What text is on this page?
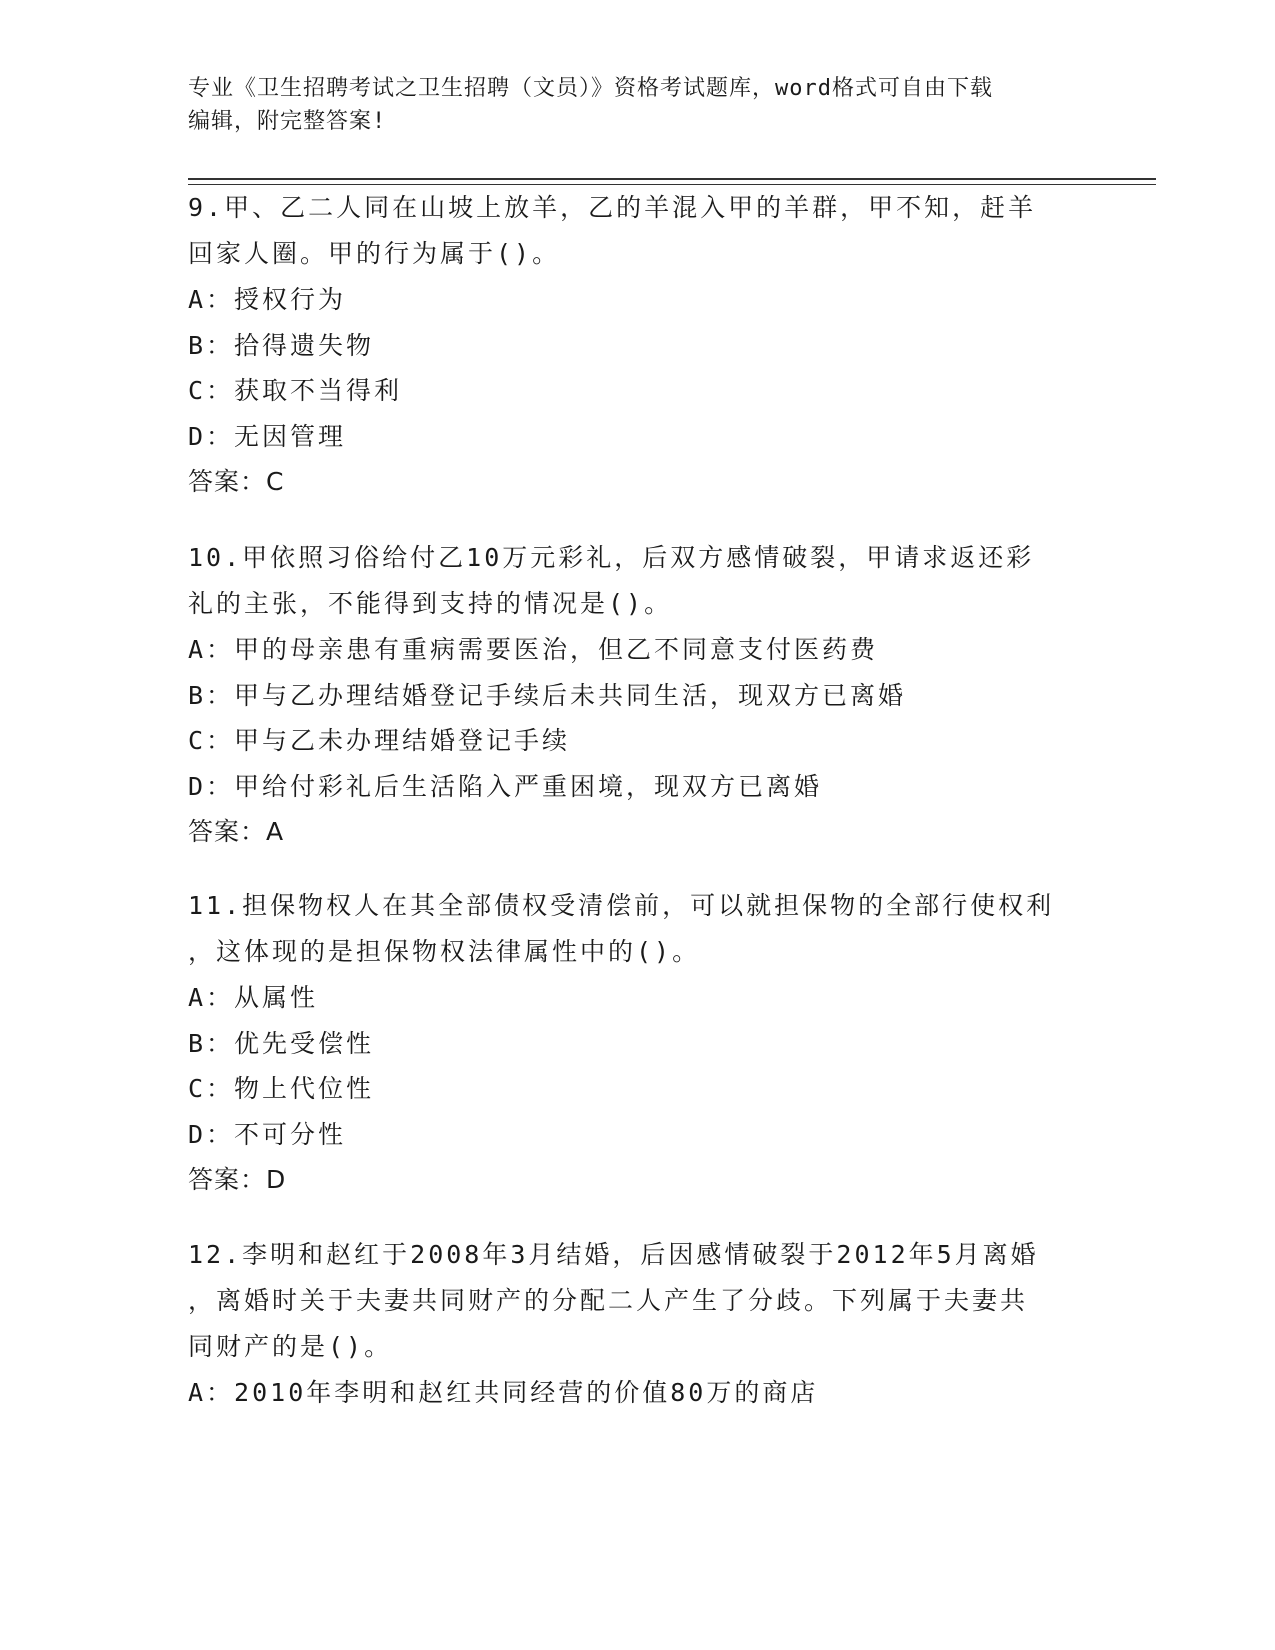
专业《卫生招聘考试之卫生招聘（文员）》资格考试题库，word格式可自由下载
编辑，附完整答案!
9.甲、乙二人同在山坡上放羊，乙的羊混入甲的羊群，甲不知，赶羊
回家人圈。甲的行为属于()。
A：授权行为
B：拾得遗失物
C：获取不当得利
D：无因管理
答案：C
10.甲依照习俗给付乙10万元彩礼，后双方感情破裂，甲请求返还彩
礼的主张，不能得到支持的情况是()。
A：甲的母亲患有重病需要医治，但乙不同意支付医药费
B：甲与乙办理结婚登记手续后未共同生活，现双方已离婚
C：甲与乙未办理结婚登记手续
D：甲给付彩礼后生活陷入严重困境，现双方已离婚
答案：A
11.担保物权人在其全部债权受清偿前，可以就担保物的全部行使权利
，这体现的是担保物权法律属性中的()。
A：从属性
B：优先受偿性
C：物上代位性
D：不可分性
答案：D
12.李明和赵红于2008年3月结婚，后因感情破裂于2012年5月离婚
，离婚时关于夫妻共同财产的分配二人产生了分歧。下列属于夫妻共
同财产的是()。
A：2010年李明和赵红共同经营的价值80万的商店
